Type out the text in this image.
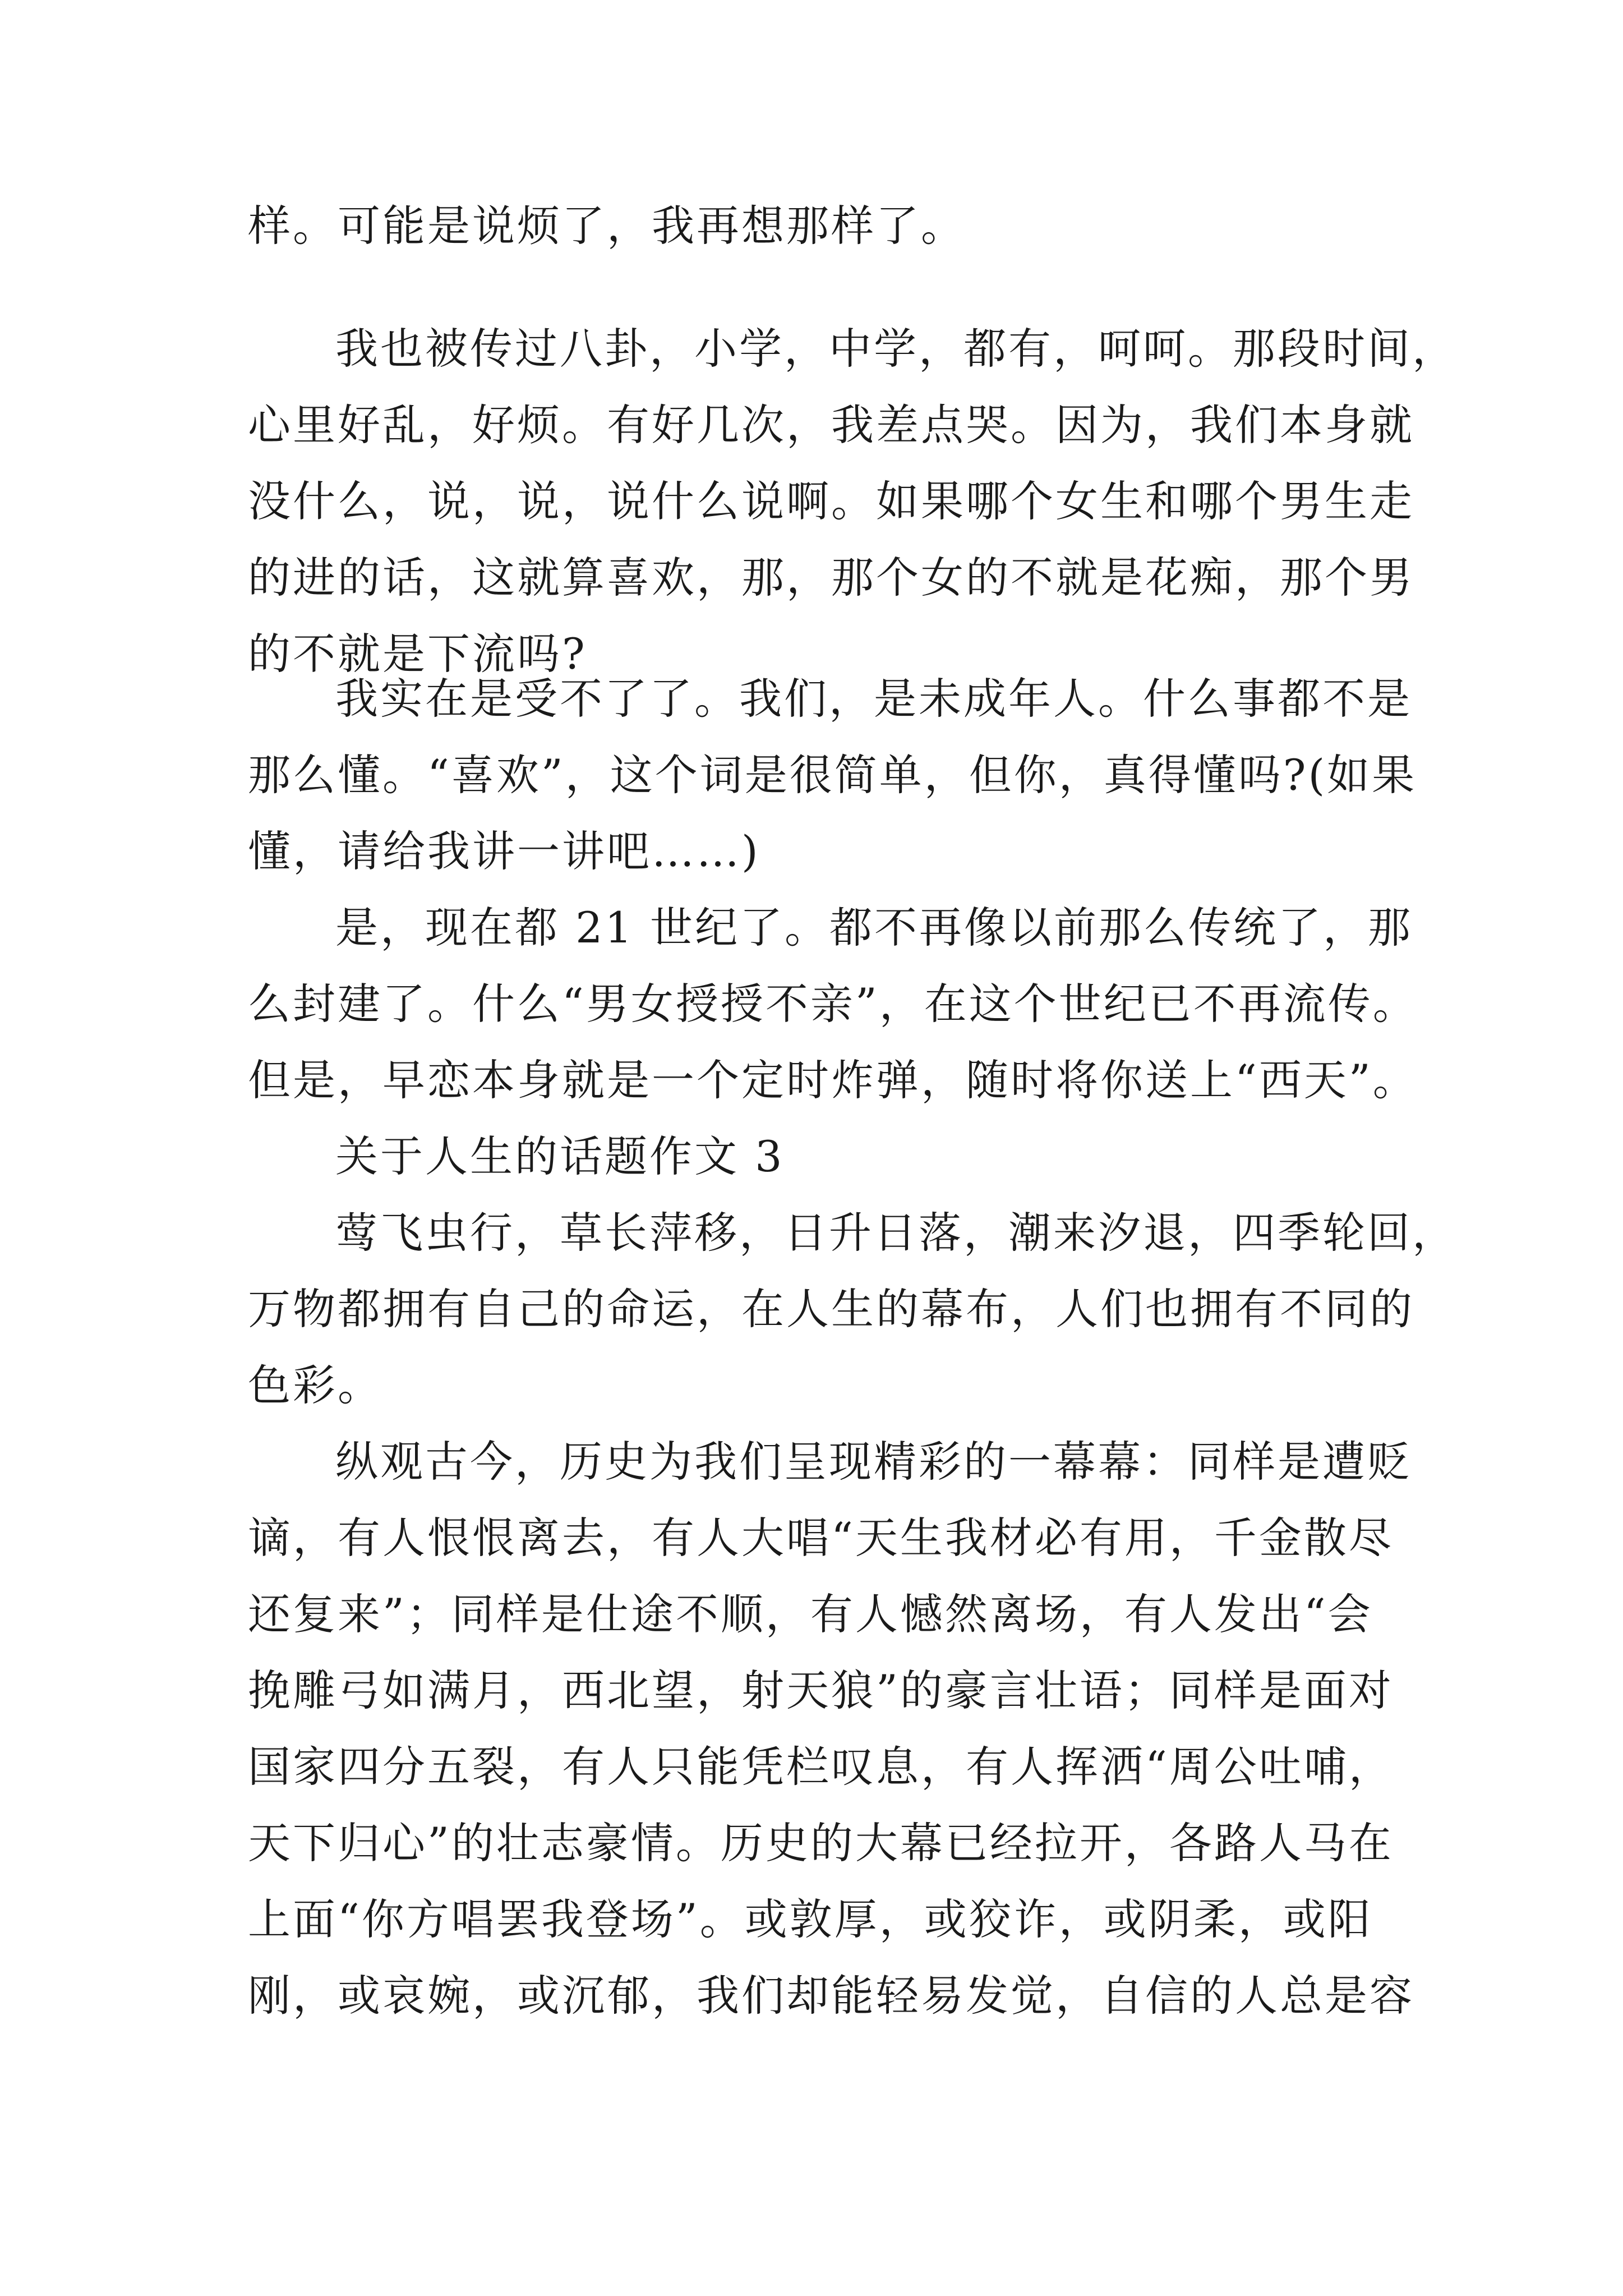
样。可能是说烦了，我再想那样了。
我也被传过八卦，小学，中学，都有，呵呵。那段时间，
心里好乱，好烦。有好几次，我差点哭。因为，我们本身就
没什么，说，说，说什么说啊。如果哪个女生和哪个男生走
的进的话，这就算喜欢，那，那个女的不就是花痴，那个男
的不就是下流吗?
我实在是受不了了。我们，是未成年人。什么事都不是
那么懂。“喜欢”，这个词是很简单，但你，真得懂吗?(如果
懂，请给我讲一讲吧……)
是，现在都 21 世纪了。都不再像以前那么传统了，那
么封建了。什么“男女授授不亲”，在这个世纪已不再流传。
但是，早恋本身就是一个定时炸弹，随时将你送上“西天”。
关于人生的话题作文 3
莺飞虫行，草长萍移，日升日落，潮来汐退，四季轮回，
万物都拥有自己的命运，在人生的幕布，人们也拥有不同的
色彩。
纵观古今，历史为我们呈现精彩的一幕幕：同样是遭贬
谪，有人恨恨离去，有人大唱“天生我材必有用，千金散尽
还复来”；同样是仕途不顺，有人憾然离场，有人发出“会
挽雕弓如满月，西北望，射天狼”的豪言壮语；同样是面对
国家四分五裂，有人只能凭栏叹息，有人挥洒“周公吐哺，
天下归心”的壮志豪情。历史的大幕已经拉开，各路人马在
上面“你方唱罢我登场”。或敦厚，或狡诈，或阴柔，或阳
刚，或哀婉，或沉郁，我们却能轻易发觉，自信的人总是容
